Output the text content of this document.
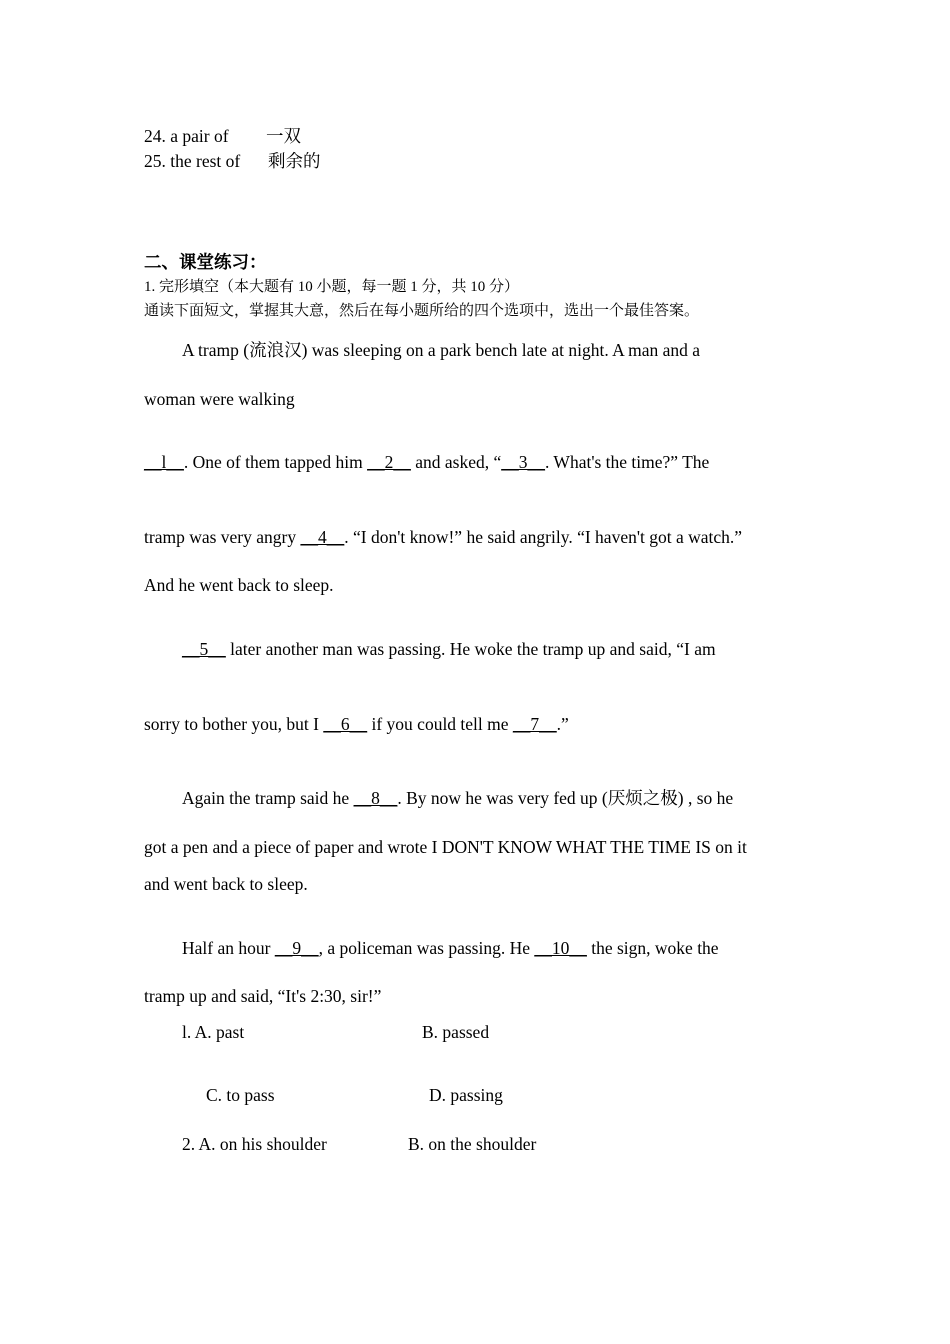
24. a pair of 一双
25. the rest of 剩余的
二、课堂练习：
1. 完形填空（本大题有 10 小题，每一题 1 分，共 10 分）
通读下面短文，掌握其大意，然后在每小题所给的四个选项中，选出一个最佳答案。
A tramp (流浪汉) was sleeping on a park bench late at night. A man and a
woman were walking
__l__. One of them tapped him __2__ and asked, “__3__. What's the time?” The
tramp was very angry __4__. “I don't know!” he said angrily. “I haven't got a watch.”
And he went back to sleep.
__5__ later another man was passing. He woke the tramp up and said, “I am
sorry to bother you, but I __6__ if you could tell me __7__.”
Again the tramp said he __8__. By now he was very fed up (厌烦之极) , so he
got a pen and a piece of paper and wrote I DON'T KNOW WHAT THE TIME IS on it
and went back to sleep.
Half an hour __9__, a policeman was passing. He __10__ the sign, woke the
tramp up and said, “It's 2:30, sir!”
l. A. past	B. passed
C. to pass	D. passing
2. A. on his shoulder	B. on the shoulder
